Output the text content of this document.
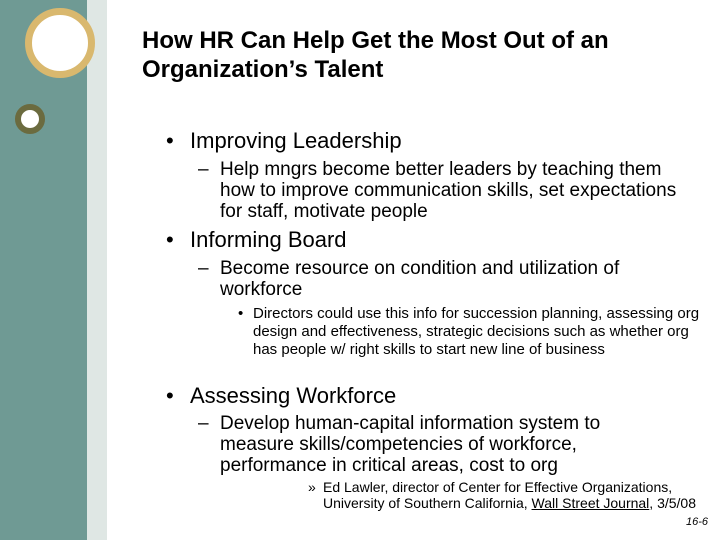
How HR Can Help Get the Most Out of an
Organization’s Talent
• Improving Leadership
– Help mngrs become better leaders by teaching them how to improve communication skills, set expectations for staff, motivate people
• Informing Board
– Become resource on condition and utilization of workforce
• Directors could use this info for succession planning, assessing org design and effectiveness, strategic decisions such as whether org has people w/ right skills to start new line of business
• Assessing Workforce
– Develop human-capital information system to measure skills/competencies of workforce, performance in critical areas, cost to org
» Ed Lawler, director of Center for Effective Organizations, University of Southern California, Wall Street Journal, 3/5/08
16-6
